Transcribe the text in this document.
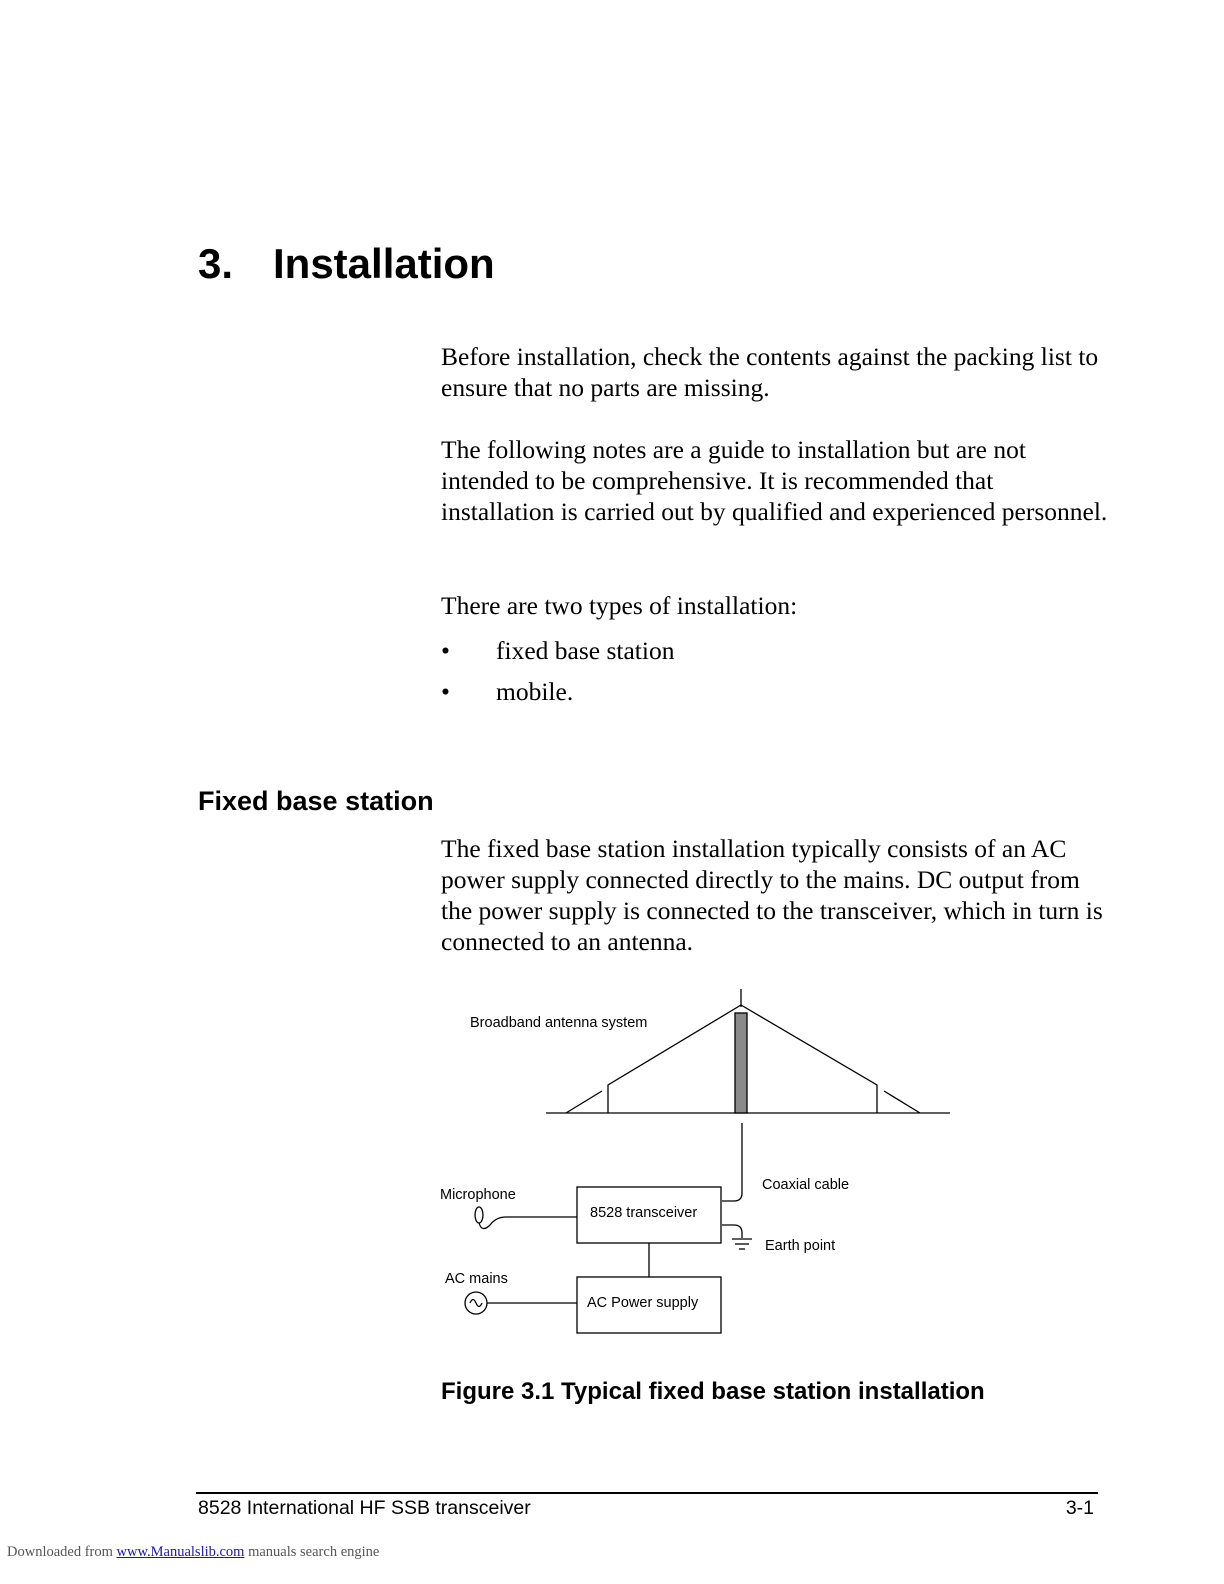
3. Installation

Before installation, check the contents against the packing list to ensure that no parts are missing.

The following notes are a guide to installation but are not intended to be comprehensive. It is recommended that installation is carried out by qualified and experienced personnel.

There are two types of installation:

•	fixed base station
•	mobile.
Fixed base station

The fixed base station installation typically consists of an AC power supply connected directly to the mains. DC output from the power supply is connected to the transceiver, which in turn is connected to an antenna.

Broadband antenna system
Coaxial cable
8528 transceiver
Earth point
Microphone
AC mains
AC Power supply

Figure 3.1 Typical fixed base station installation

8528 International HF SSB transceiver	3-1
Downloaded from www.Manualslib.com manuals search engine
